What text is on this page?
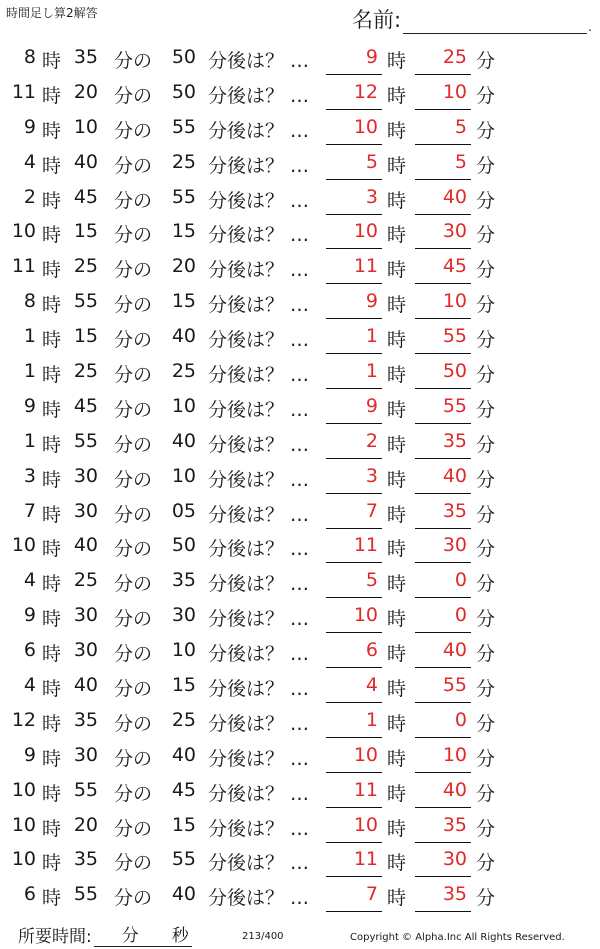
時間足し算2解答	名前:	.
8 時 35 分の	50 分後は？ …	9 時	25 分
11 時 20 分の	50 分後は？ …	12 時	10 分
9 時 10 分の	55 分後は？ …	10 時	5 分
4 時 40 分の	25 分後は？ …	5 時	5 分
2 時 45 分の	55 分後は？ …	3 時	40 分
10 時 15 分の	15 分後は？ …	10 時	30 分
11 時 25 分の	20 分後は？ …	11 時	45 分
8 時 55 分の	15 分後は？ …	9 時	10 分
1 時 15 分の	40 分後は？ …	1 時	55 分
1 時 25 分の	25 分後は？ …	1 時	50 分
9 時 45 分の	10 分後は？ …	9 時	55 分
1 時 55 分の	40 分後は？ …	2 時	35 分
3 時 30 分の	10 分後は？ …	3 時	40 分
7 時 30 分の	05 分後は？ …	7 時	35 分
10 時 40 分の	50 分後は？ …	11 時	30 分
4 時 25 分の	35 分後は？ …	5 時	0 分
9 時 30 分の	30 分後は？ …	10 時	0 分
6 時 30 分の	10 分後は？ …	6 時	40 分
4 時 40 分の	15 分後は？ …	4 時	55 分
12 時 35 分の	25 分後は？ …	1 時	0 分
9 時 30 分の	40 分後は？ …	10 時	10 分
10 時 55 分の	45 分後は？ …	11 時	40 分
10 時 20 分の	15 分後は？ …	10 時	35 分
10 時 35 分の	55 分後は？ …	11 時	30 分
6 時 55 分の	40 分後は？ …	7 時	35 分
所要時間: 分 秒	213/400	Copyright © Alpha.Inc All Rights Reserved.
